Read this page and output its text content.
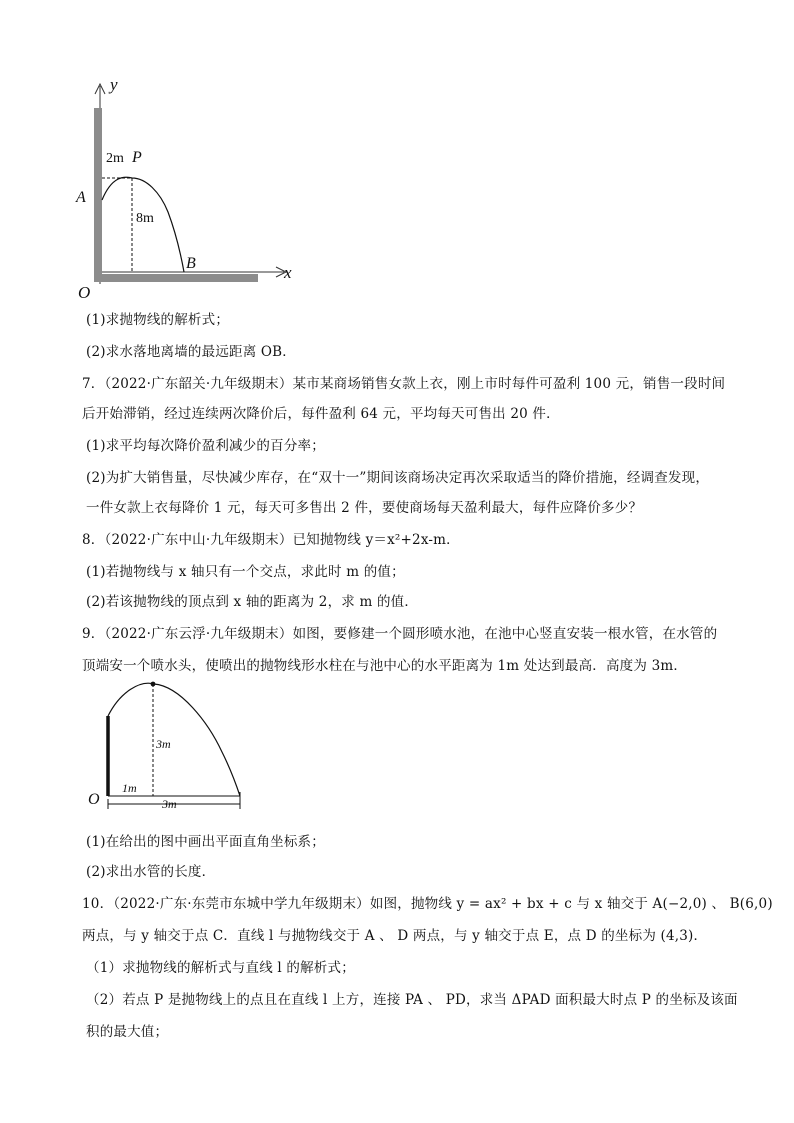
y
x
O
A
P
B
2m
8m
(1)求抛物线的解析式；
(2)求水落地离墙的最远距离 OB．
7．（2022·广东韶关·九年级期末）某市某商场销售女款上衣，刚上市时每件可盈利 100 元，销售一段时间
后开始滞销，经过连续两次降价后，每件盈利 64 元，平均每天可售出 20 件．
(1)求平均每次降价盈利减少的百分率；
(2)为扩大销售量，尽快减少库存，在“双十一”期间该商场决定再次采取适当的降价措施，经调查发现，
一件女款上衣每降价 1 元，每天可多售出 2 件，要使商场每天盈利最大，每件应降价多少？
8．（2022·广东中山·九年级期末）已知抛物线 y＝x²+2x-m．
(1)若抛物线与 x 轴只有一个交点，求此时 m 的值；
(2)若该抛物线的顶点到 x 轴的距离为 2，求 m 的值．
9．（2022·广东云浮·九年级期末）如图，要修建一个圆形喷水池，在池中心竖直安装一根水管，在水管的
顶端安一个喷水头，使喷出的抛物线形水柱在与池中心的水平距离为 1m 处达到最高．高度为 3m．
O
3m
1m
3m
(1)在给出的图中画出平面直角坐标系；
(2)求出水管的长度．
10．（2022·广东·东莞市东城中学九年级期末）如图，抛物线 y = ax² + bx + c 与 x 轴交于 A(−2,0) 、 B(6,0)
两点，与 y 轴交于点 C．直线 l 与抛物线交于 A 、 D 两点，与 y 轴交于点 E，点 D 的坐标为 (4,3)．
（1）求抛物线的解析式与直线 l 的解析式；
（2）若点 P 是抛物线上的点且在直线 l 上方，连接 PA 、 PD，求当 ΔPAD 面积最大时点 P 的坐标及该面
积的最大值；
